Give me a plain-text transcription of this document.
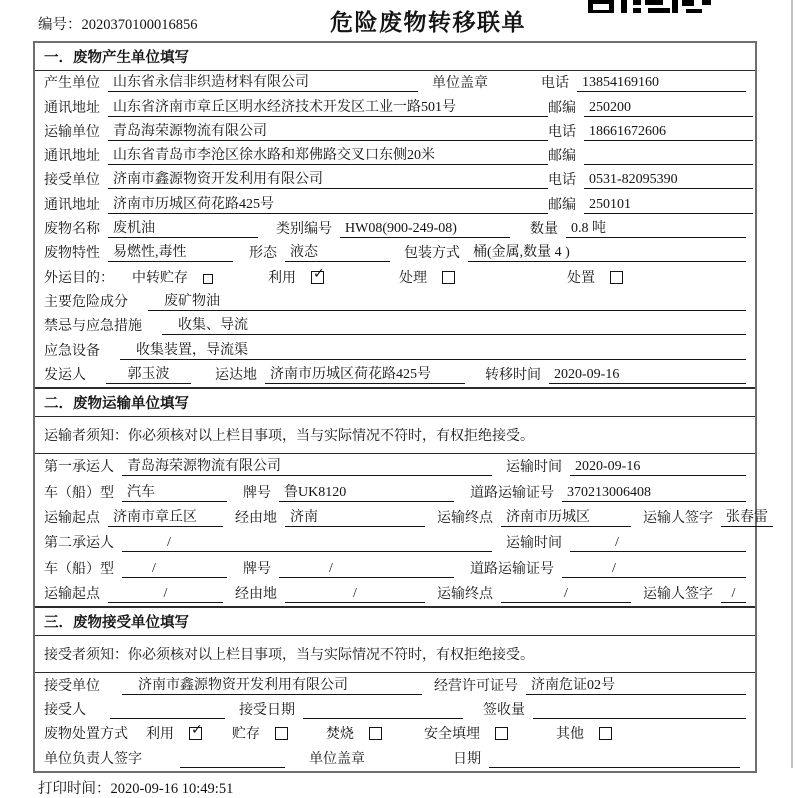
编号：2020370100016856	危险废物转移联单
一．废物产生单位填写
产生单位 山东省永信非织造材料有限公司	单位盖章	电话 13854169160
通讯地址 山东省济南市章丘区明水经济技术开发区工业一路501号	邮编 250200
运输单位 青岛海荣源物流有限公司	电话 18661672606
通讯地址 山东省青岛市李沧区徐水路和郑佛路交叉口东侧20米	邮编
接受单位 济南市鑫源物资开发利用有限公司	电话 0531-82095390
通讯地址 济南市历城区荷花路425号	邮编 250101
废物名称 废机油	类别编号 HW08(900-249-08)	数量 0.8 吨
废物特性 易燃性,毒性	形态 液态	包装方式 桶(金属,数量 4 )
外运目的： 中转贮存	利用 ✓	处理	处置
主要危险成分	废矿物油
禁忌与应急措施	收集、导流
应急设备	收集装置，导流渠
发运人	郭玉波	运达地 济南市历城区荷花路425号	转移时间 2020-09-16
二．废物运输单位填写
运输者须知：你必须核对以上栏目事项，当与实际情况不符时，有权拒绝接受。
第一承运人 青岛海荣源物流有限公司	运输时间 2020-09-16
车（船）型 汽车	牌号 鲁UK8120	道路运输证号 370213006408
运输起点 济南市章丘区	经由地 济南	运输终点 济南市历城区	运输人签字 张春雷
第二承运人	/	运输时间	/
车（船）型	/	牌号	/	道路运输证号	/
运输起点	/	经由地	/	运输终点	/	运输人签字	/
三．废物接受单位填写
接受者须知：你必须核对以上栏目事项，当与实际情况不符时，有权拒绝接受。
接受单位	济南市鑫源物资开发利用有限公司	经营许可证号 济南危证02号
接受人	接受日期	签收量
废物处置方式 利用 ✓	贮存	焚烧	安全填埋	其他
单位负责人签字	单位盖章	日期
打印时间：2020-09-16 10:49:51
